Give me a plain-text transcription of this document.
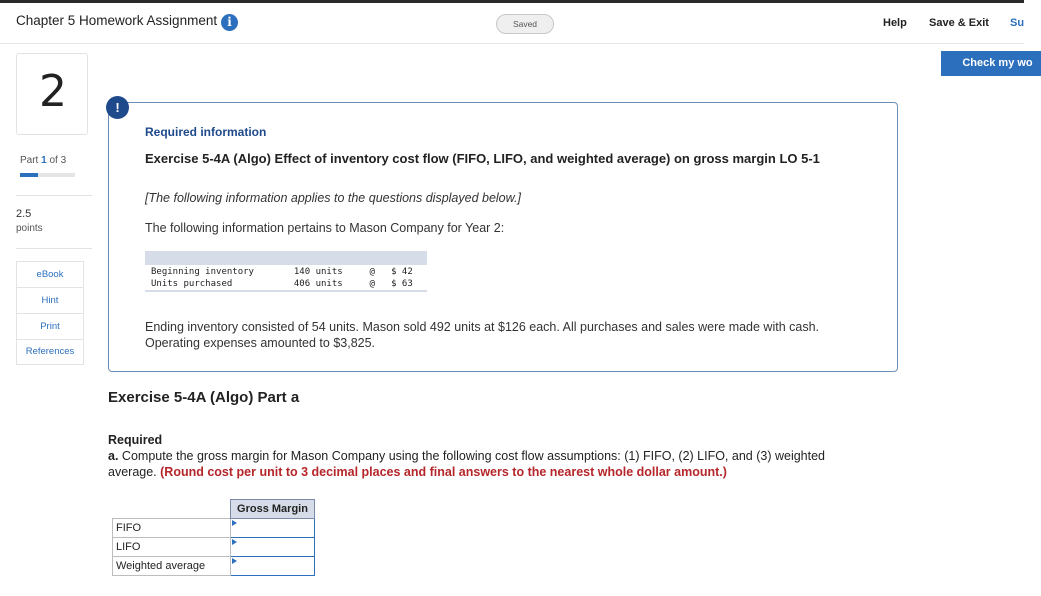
Chapter 5 Homework Assignment i	Saved	Help Save & Exit Su
Check my wo
2
Part 1 of 3
2.5
points
eBook
Hint
Print
References
Required information
Exercise 5-4A (Algo) Effect of inventory cost flow (FIFO, LIFO, and weighted average) on gross margin LO 5-1
[The following information applies to the questions displayed below.]
The following information pertains to Mason Company for Year 2:

Beginning inventory	140 units	@	$ 42
Units purchased	406 units	@	$ 63
Ending inventory consisted of 54 units. Mason sold 492 units at $126 each. All purchases and sales were made with cash. Operating expenses amounted to $3,825.
!
Exercise 5-4A (Algo) Part a
Required
a. Compute the gross margin for Mason Company using the following cost flow assumptions: (1) FIFO, (2) LIFO, and (3) weighted average. (Round cost per unit to 3 decimal places and final answers to the nearest whole dollar amount.)
	Gross Margin
FIFO	

LIFO	

Weighted average	
